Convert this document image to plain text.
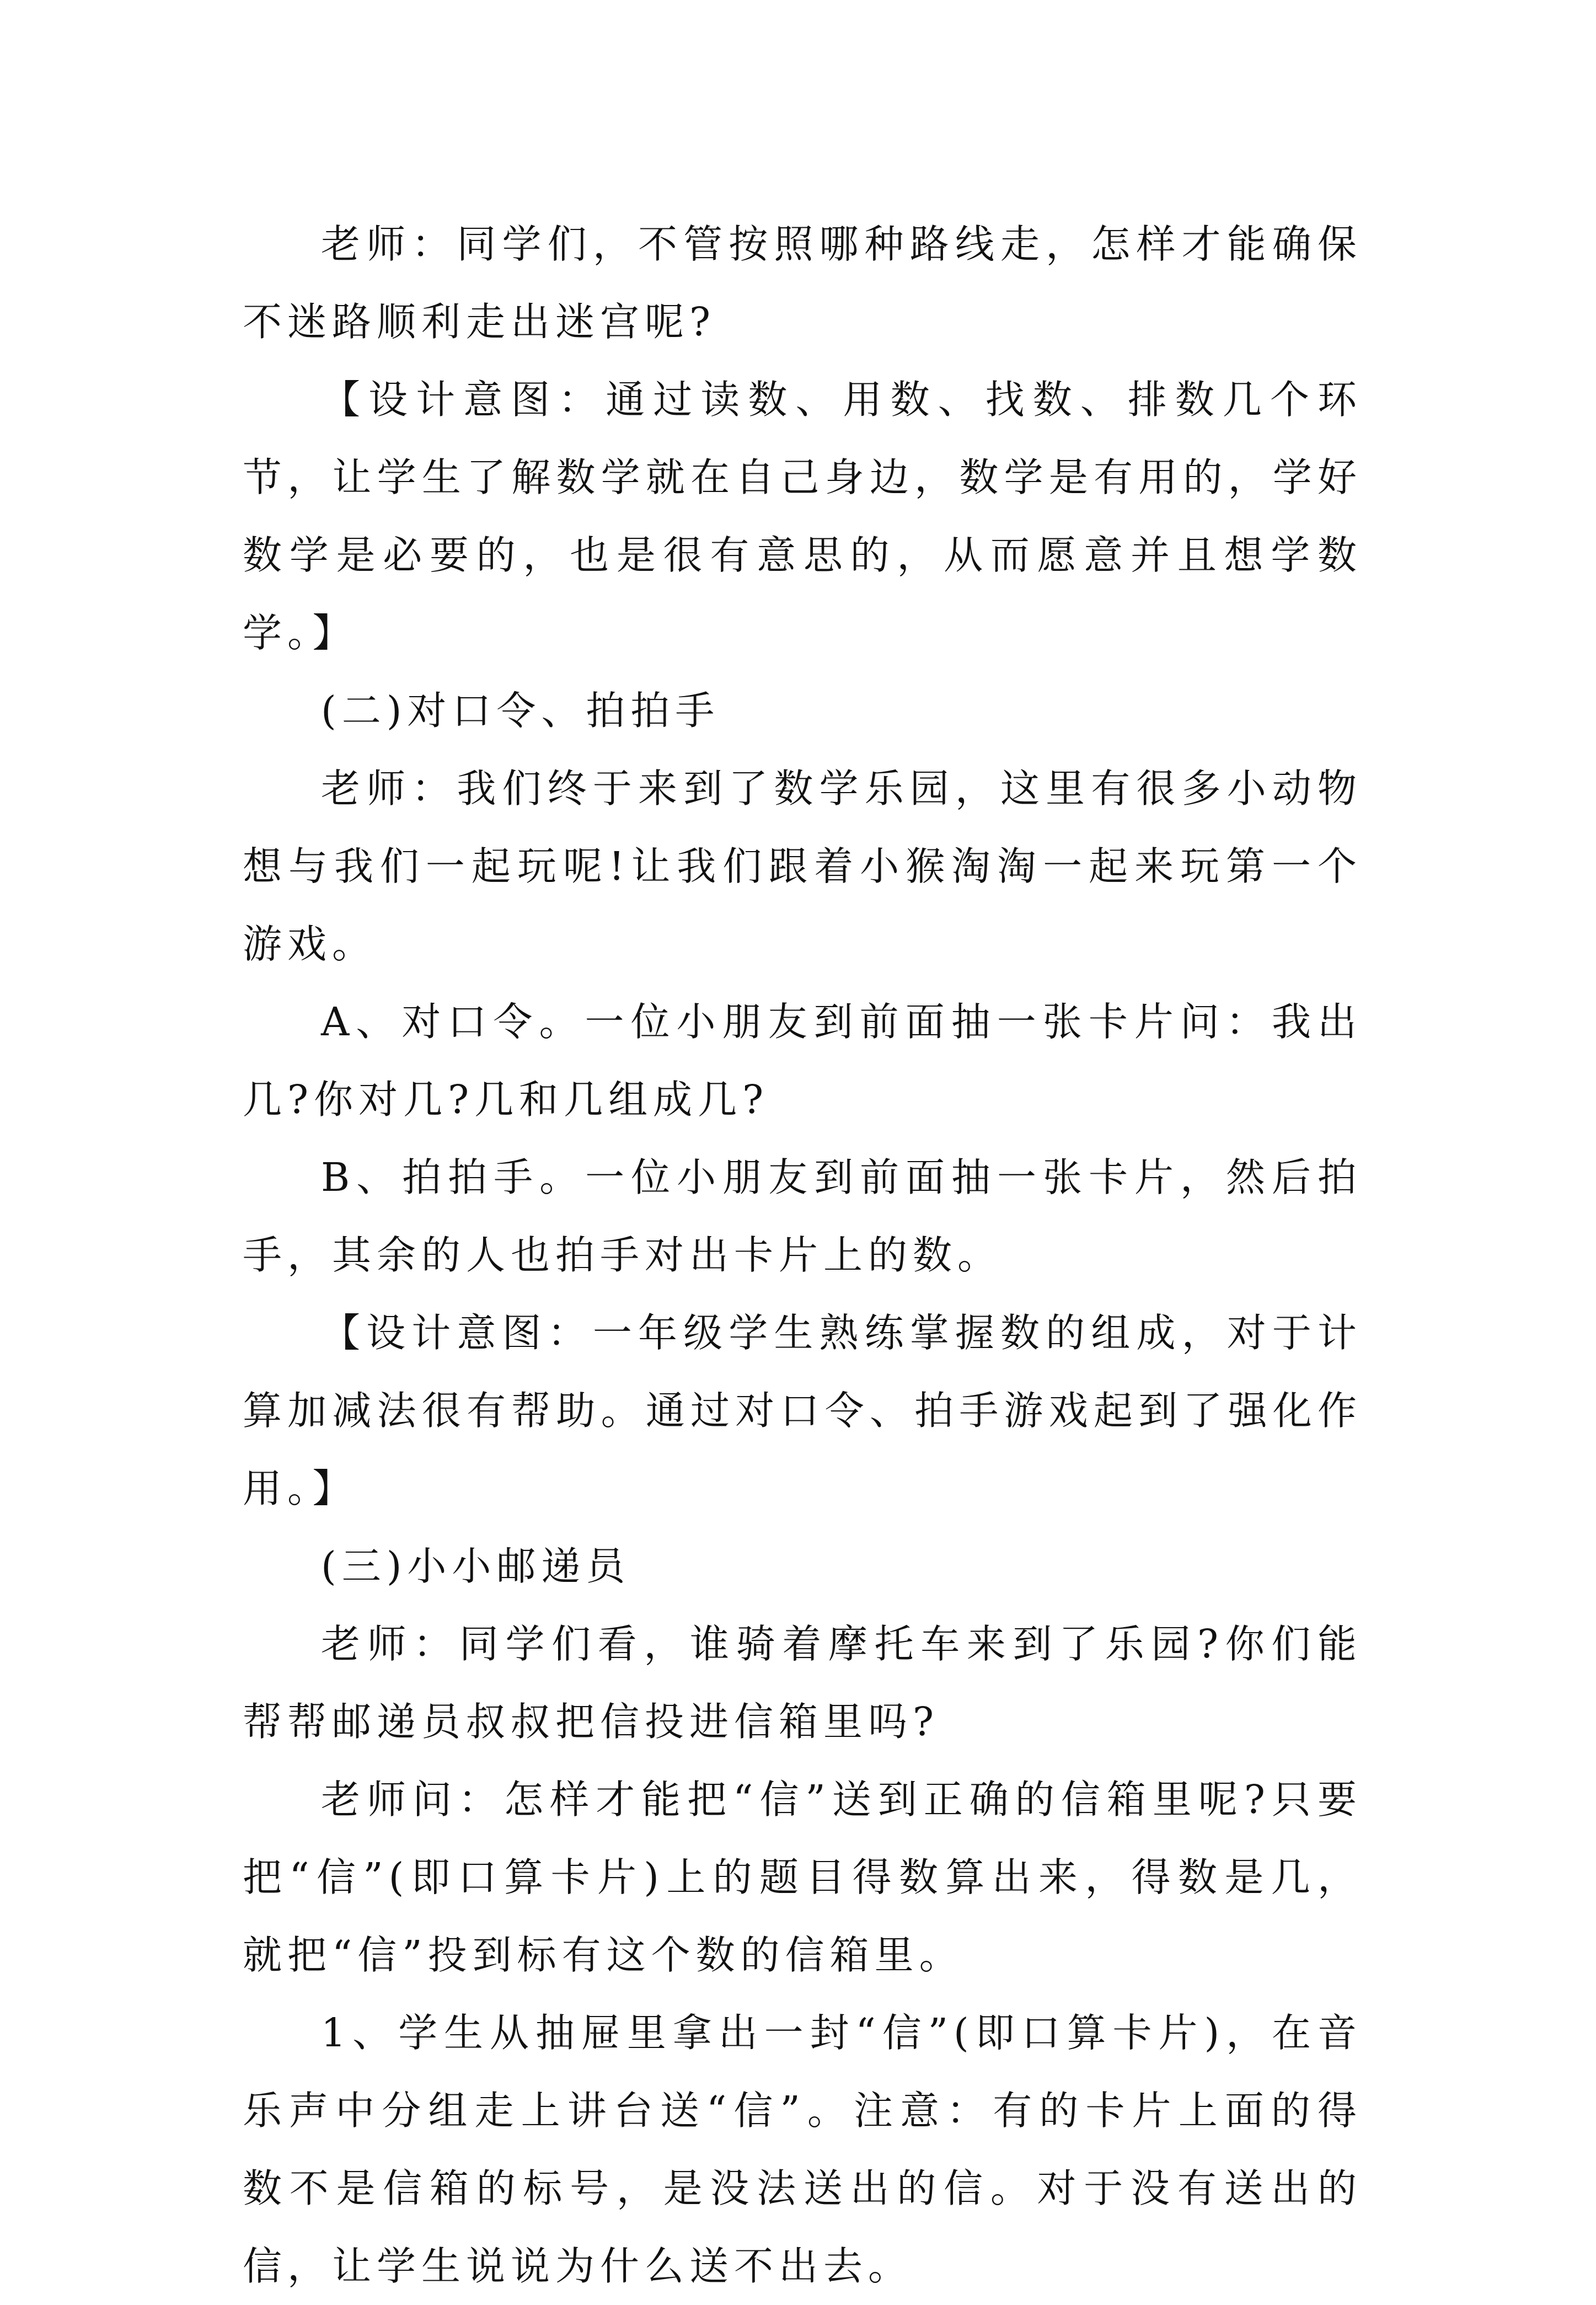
老师：同学们，不管按照哪种路线走，怎样才能确保不迷路顺利走出迷宫呢?

【设计意图：通过读数、用数、找数、排数几个环节，让学生了解数学就在自己身边，数学是有用的，学好数学是必要的，也是很有意思的，从而愿意并且想学数学。】

(二)对口令、拍拍手

老师：我们终于来到了数学乐园，这里有很多小动物想与我们一起玩呢!让我们跟着小猴淘淘一起来玩第一个游戏。

A、对口令。一位小朋友到前面抽一张卡片问：我出几?你对几?几和几组成几?

B、拍拍手。一位小朋友到前面抽一张卡片，然后拍手，其余的人也拍手对出卡片上的数。

【设计意图：一年级学生熟练掌握数的组成，对于计算加减法很有帮助。通过对口令、拍手游戏起到了强化作用。】

(三)小小邮递员

老师：同学们看，谁骑着摩托车来到了乐园?你们能帮帮邮递员叔叔把信投进信箱里吗?

老师问：怎样才能把“信”送到正确的信箱里呢?只要把“信”(即口算卡片)上的题目得数算出来，得数是几，就把“信”投到标有这个数的信箱里。

1、学生从抽屉里拿出一封“信”(即口算卡片)，在音乐声中分组走上讲台送“信”。注意：有的卡片上面的得数不是信箱的标号，是没法送出的信。对于没有送出的信，让学生说说为什么送不出去。
